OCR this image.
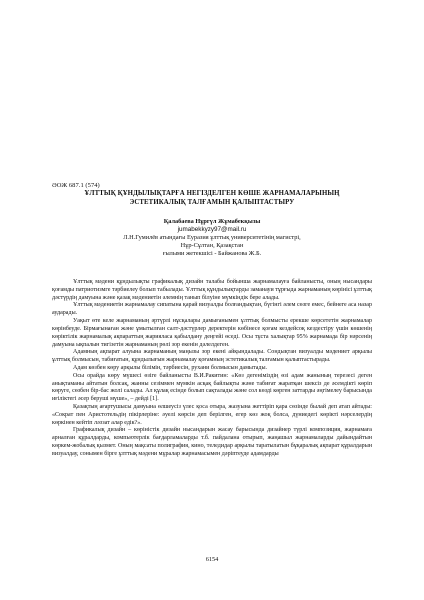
ӘОЖ 687.1 (574)
ҰЛТТЫҚ ҚҰНДЫЛЫҚТАРҒА НЕГІЗДЕЛГЕН КӨШЕ ЖАРНАМАЛАРЫНЫҢ
ЭСТЕТИКАЛЫҚ ТАЛҒАМЫН ҚАЛЫПТАСТЫРУ
Қалабаева Нұргүл Жұмабекқызы
jumabekkyzy97@mail.ru
Л.Н.Гумилёв атындағы Еуразия ұлттық университетінің магистрі,
Нұр-Сұлтан, Қазақстан
ғылыми жетекшісі - Байжанова Ж.Б.

Ұлттық мәдени құндылықты графикалық дизайн талабы бойынша жарнамалауға байланысты, оның нысандары қоғамды патриотизмге тәрбиелеу болып табылады. Ұлттық құндылықтарды заманауи тұрғыда жарнаманың көрінісі ұлттық дәстүрдің дамуына және қазақ мәдениетін әлемнің танып білуіне мүмкіндік бере алады.

Ұлттық мәдениетін жарнамалау сипатына қарай визуалды болғандықтан, бүгінгі әлем сөзге емес, бейнеге аса назар аударады.

Уақыт өте келе жарнаманың әртүрлі нұсқалары дамығанымен ұлттық болмысты ерекше көрсететін жарнамалар көрінбеуде. Бірмағынаған және ұмытылған салт-дәстүрлер деректерін көбінесе қоғам кездейсоқ кездестіру үшін көшенің көріктілік жарнамалық ақпараттың жарияласа қабылдану деңгейі өседі. Осы тұста халықтар 95% жарнамада бір нәрсенің дамуына ықпалын тигізетін жарнаманың рөлі зор екенін дәлелдеген.

Адамның ақпарат алуына жарнаманың маңызы зор екені айқындалады. Сондықтан визуалды мәдениет арқылы ұлттық болмысын, табиғатын, құндылығын жарнамалау қоғамның эстетикалық талғамын қалыптастырады.

Адам көзбен көру арқылы білімін, тәрбиесін, рухани болмысын дамытады.

Осы орайда көру мүшесі өзіге байланысты В.И.Ракитин: «Көз дегеніміздің өзі адам жанының терезесі деген анықтаманы айтатын болсақ, жанны сезіммен мүмкін асқақ байлықты және табиғат жаратқан шексіз де әсемдікті көріп көруге, сөзбен бір-бас жолі салады. Ал құлақ есінде болып сақталады және сол көзді көрген заттарды әңгімелеу барысында иғіліктегі әсер беруші мүше», – дейді [1].

Қазақтың ағартушысы дамуына өлшеусіз үлес қоса отыра, жазуына жеттіріп қара сөзінде былай деп атап айтады: «Сократ пен Аристотельдің пікірлеріне: әуелі көрсін деп берілген, егер көз жоқ болса, дүниедегі көрікті нәрселердің көркінен кейтіп ләззат алар едік?».

Графикалық дизайн – көріністік дизайн нысандарын жасау барысында дизайнер түрлі композиция, жарнамаға арналған құралдарды, компьютерлік бағдарламаларды т.б. пайдалана отырып, жаңашыл жарнамаларды дайындайтын көркем-жобалық қызмет. Оның мақсаты полиграфия, кино, теледидар арқылы таратылатын бұқаралық ақпарат құралдарын визуалдау, сонымен бірге ұлттық мәдени мұралар жарнамасымен дәріптеуде адамдарды

6154
